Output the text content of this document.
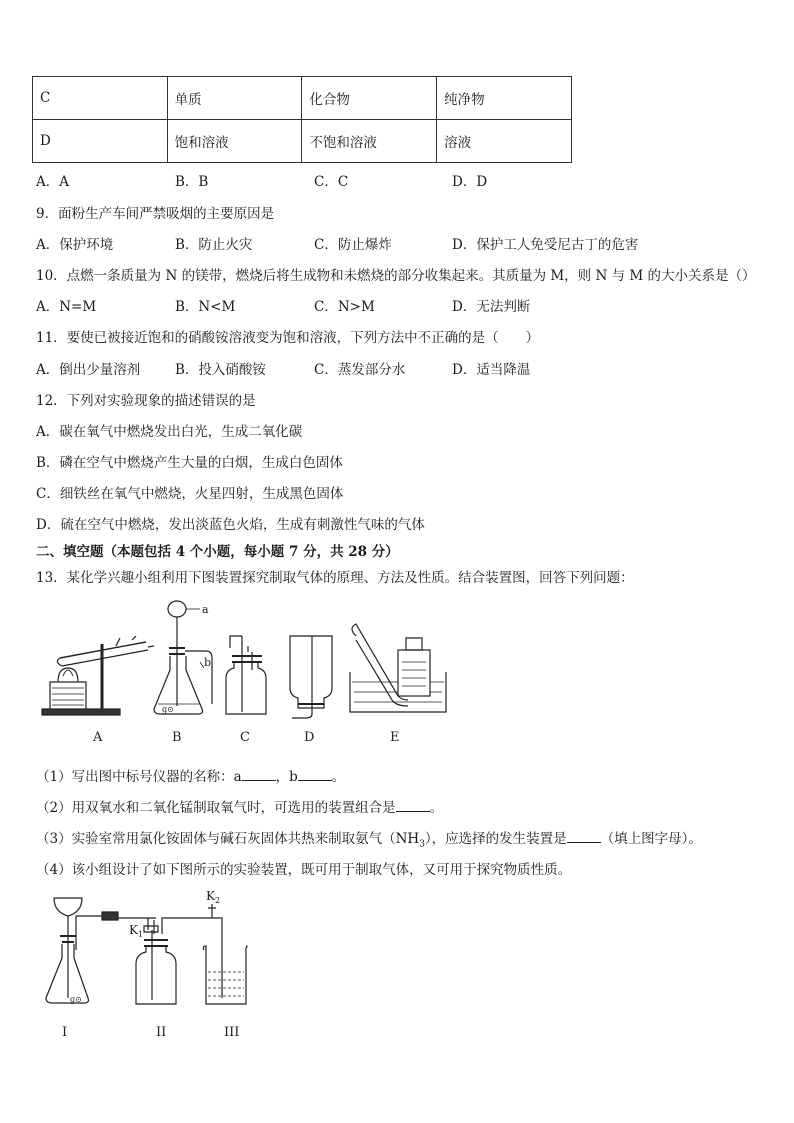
C	单质	化合物	纯净物
D	饱和溶液	不饱和溶液	溶液
A．A	B．B	C．C	D．D
9．面粉生产车间严禁吸烟的主要原因是
A．保护环境	B．防止火灾	C．防止爆炸	D．保护工人免受尼古丁的危害
10．点燃一条质量为 N 的镁带，燃烧后将生成物和未燃烧的部分收集起来。其质量为 M，则 N 与 M 的大小关系是（）
A．N=M	B．N<M	C．N>M	D．无法判断
11．要使已被接近饱和的硝酸铵溶液变为饱和溶液，下列方法中不正确的是（　　）
A．倒出少量溶剂	B．投入硝酸铵	C．蒸发部分水	D．适当降温
12．下列对实验现象的描述错误的是
A．碳在氧气中燃烧发出白光，生成二氧化碳
B．磷在空气中燃烧产生大量的白烟，生成白色固体
C．细铁丝在氧气中燃烧，火星四射，生成黑色固体
D．硫在空气中燃烧，发出淡蓝色火焰，生成有刺激性气味的气体
二、填空题（本题包括 4 个小题，每小题 7 分，共 28 分）
13．某化学兴趣小组利用下图装置探究制取气体的原理、方法及性质。结合装置图，回答下列问题：
a
ɡ⊙
b
A	B	C	D	E
（1）写出图中标号仪器的名称：a	，b	。
（2）用双氧水和二氧化锰制取氧气时，可选用的装置组合是	。
（3）实验室常用氯化铵固体与碱石灰固体共热来制取氨气$(NH_3)$，应选择的发生装置是	（填上图字母）。
（4）该小组设计了如下图所示的实验装置，既可用于制取气体，又可用于探究物质性质。
ɡ⊙
K 1
K 2
I	II	III
